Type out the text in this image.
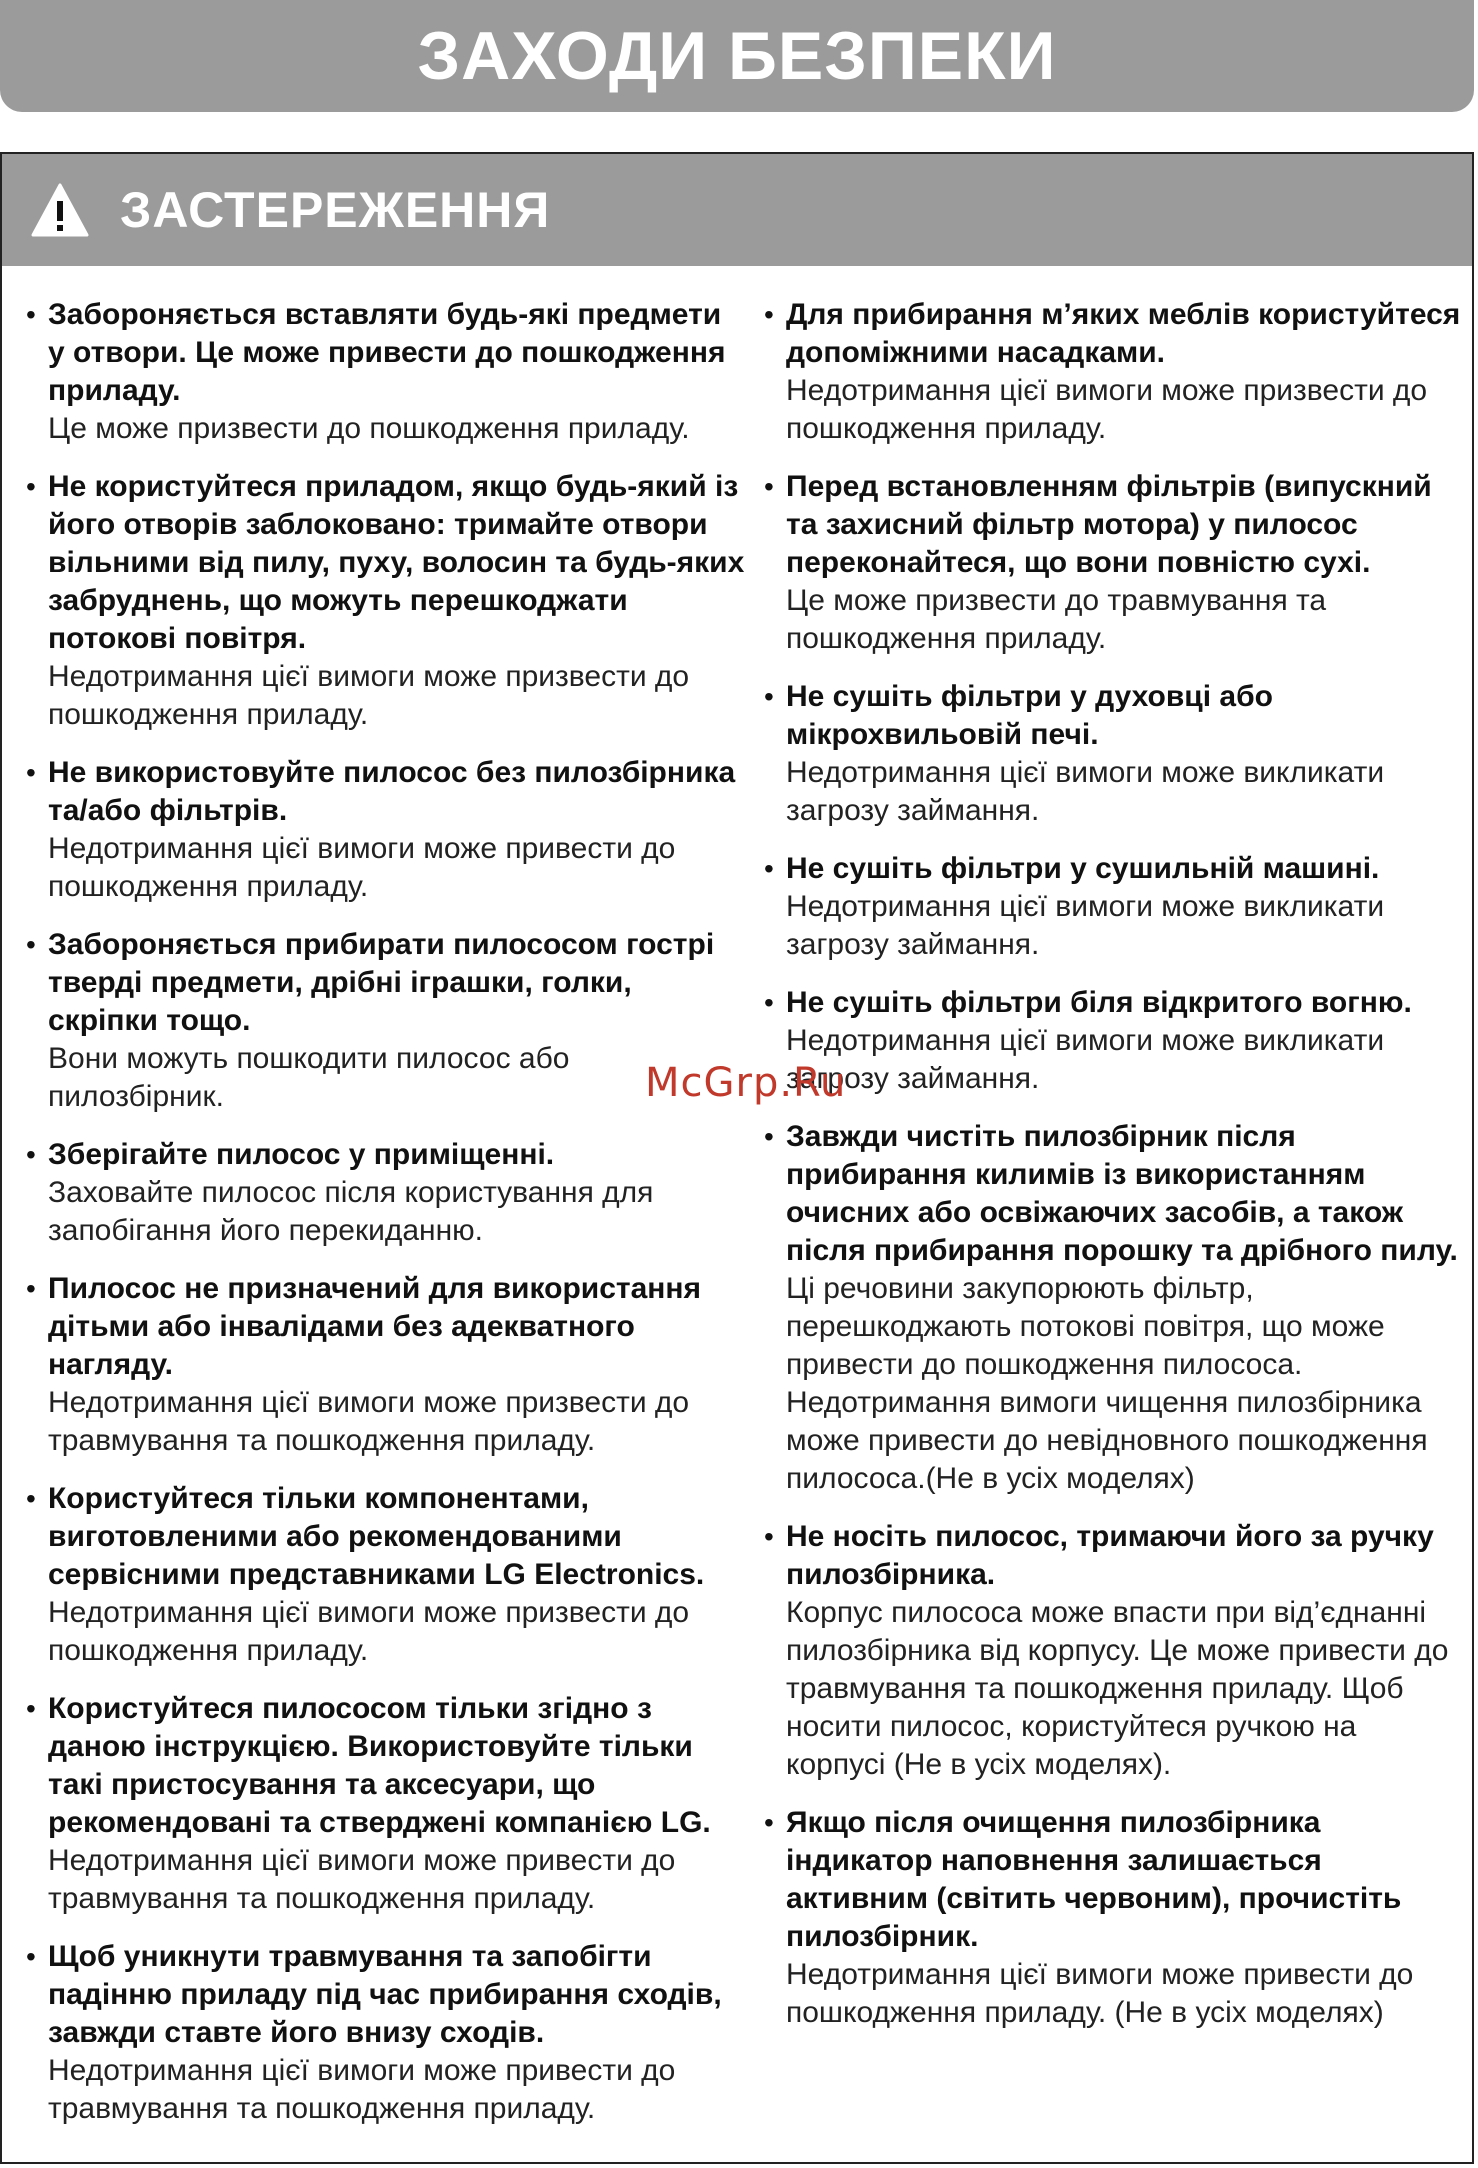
ЗАХОДИ БЕЗПЕКИ
ЗАСТЕРЕЖЕННЯ
• Забороняється вставляти будь-які предмети у отвори. Це може привести до пошкодження приладу.

Це може призвести до пошкодження приладу.

• Не користуйтеся приладом, якщо будь-який із його отворів заблоковано: тримайте отвори вільними від пилу, пуху, волосин та будь-яких забруднень, що можуть перешкоджати потокові повітря.

Недотримання цієї вимоги може призвести до пошкодження приладу.

• Не використовуйте пилосос без пилозбірника та/або фільтрів.

Недотримання цієї вимоги може привести до пошкодження приладу.

• Забороняється прибирати пилососом гострі тверді предмети, дрібні іграшки, голки, скріпки тощо.

Вони можуть пошкодити пилосос або пилозбірник.

• Зберігайте пилосос у приміщенні.

Заховайте пилосос після користування для запобігання його перекиданню.

• Пилосос не призначений для використання дітьми або інвалідами без адекватного нагляду.

Недотримання цієї вимоги може призвести до травмування та пошкодження приладу.

• Користуйтеся тільки компонентами, виготовленими або рекомендованими сервісними представниками LG Electronics.

Недотримання цієї вимоги може призвести до пошкодження приладу.

• Користуйтеся пилососом тільки згідно з даною інструкцією. Використовуйте тільки такі пристосування та аксесуари, що рекомендовані та стверджені компанією LG.

Недотримання цієї вимоги може привести до травмування та пошкодження приладу.

• Щоб уникнути травмування та запобігти падінню приладу під час прибирання сходів, завжди ставте його внизу сходів.

Недотримання цієї вимоги може привести до травмування та пошкодження приладу.

• Для прибирання м’яких меблів користуйтеся допоміжними насадками.

Недотримання цієї вимоги може призвести до пошкодження приладу.

• Перед встановленням фільтрів (випускний та захисний фільтр мотора) у пилосос переконайтеся, що вони повністю сухі.

Це може призвести до травмування та пошкодження приладу.

• Не сушіть фільтри у духовці або мікрохвильовій печі.

Недотримання цієї вимоги може викликати загрозу займання.

• Не сушіть фільтри у сушильній машині.

Недотримання цієї вимоги може викликати загрозу займання.

• Не сушіть фільтри біля відкритого вогню.

Недотримання цієї вимоги може викликати загрозу займання.

• Завжди чистіть пилозбірник після прибирання килимів із використанням очисних або освіжаючих засобів, а також після прибирання порошку та дрібного пилу.

Ці речовини закупорюють фільтр, перешкоджають потокові повітря, що може привести до пошкодження пилососа. Недотримання вимоги чищення пилозбірника може привести до невідновного пошкодження пилососа.(Не в усіх моделях)

• Не носіть пилосос, тримаючи його за ручку пилозбірника.

Корпус пилососа може впасти при від’єднанні пилозбірника від корпусу. Це може привести до травмування та пошкодження приладу. Щоб носити пилосос, користуйтеся ручкою на корпусі (Не в усіх моделях).

• Якщо після очищення пилозбірника індикатор наповнення залишається активним (світить червоним), прочистіть пилозбірник.

Недотримання цієї вимоги може привести до пошкодження приладу. (Не в усіх моделях)

McGrp.Ru
